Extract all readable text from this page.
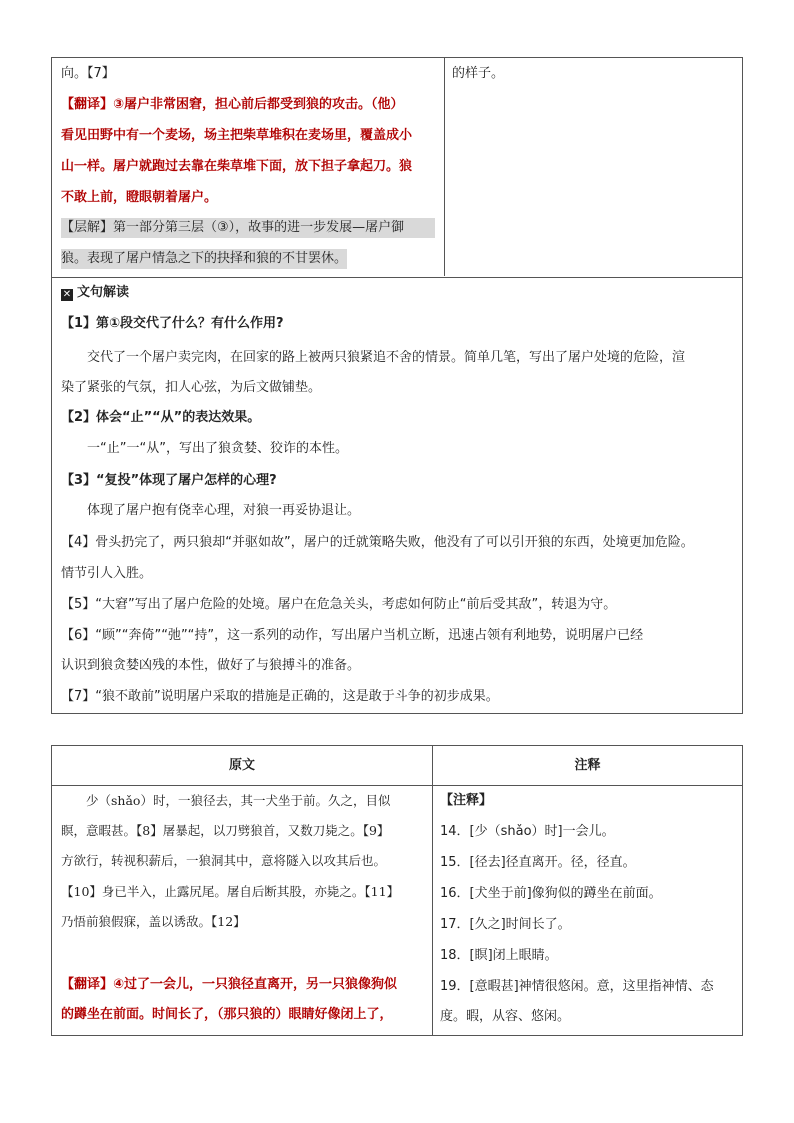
向。【7】
【翻译】③屠户非常困窘，担心前后都受到狼的攻击。（他）
看见田野中有一个麦场，场主把柴草堆积在麦场里，覆盖成小
山一样。屠户就跑过去靠在柴草堆下面，放下担子拿起刀。狼
不敢上前，瞪眼朝着屠户。
【层解】第一部分第三层（③），故事的进一步发展—屠户御
狼。表现了屠户情急之下的抉择和狼的不甘罢休。
的样子。
✕ 文句解读
【1】第①段交代了什么？有什么作用?
交代了一个屠户卖完肉，在回家的路上被两只狼紧追不舍的情景。简单几笔，写出了屠户处境的危险，渲
染了紧张的气氛，扣人心弦，为后文做铺垫。
【2】体会“止”“从”的表达效果。
一“止”一“从”，写出了狼贪婪、狡诈的本性。
【3】“复投”体现了屠户怎样的心理?
体现了屠户抱有侥幸心理，对狼一再妥协退让。
【4】骨头扔完了，两只狼却“并驱如故”，屠户的迁就策略失败，他没有了可以引开狼的东西，处境更加危险。
情节引人入胜。
【5】“大窘”写出了屠户危险的处境。屠户在危急关头，考虑如何防止“前后受其敌”，转退为守。
【6】“顾”“奔倚”“弛”“持”，这一系列的动作，写出屠户当机立断，迅速占领有利地势，说明屠户已经
认识到狼贪婪凶残的本性，做好了与狼搏斗的准备。
【7】“狼不敢前”说明屠户采取的措施是正确的，这是敢于斗争的初步成果。
原文	注释
少（shǎo）时，一狼径去，其一犬坐于前。久之，目似
瞑，意暇甚。【8】屠暴起，以刀劈狼首，又数刀毙之。【9】
方欲行，转视积薪后，一狼洞其中，意将隧入以攻其后也。
【10】身已半入，止露尻尾。屠自后断其股，亦毙之。【11】
乃悟前狼假寐，盖以诱敌。【12】
【翻译】④过了一会儿，一只狼径直离开，另一只狼像狗似
的蹲坐在前面。时间长了，（那只狼的）眼睛好像闭上了，
【注释】
14．[少（shǎo）时]一会儿。
15．[径去]径直离开。径，径直。
16．[犬坐于前]像狗似的蹲坐在前面。
17．[久之]时间长了。
18．[瞑]闭上眼睛。
19．[意暇甚]神情很悠闲。意，这里指神情、态
度。暇，从容、悠闲。
